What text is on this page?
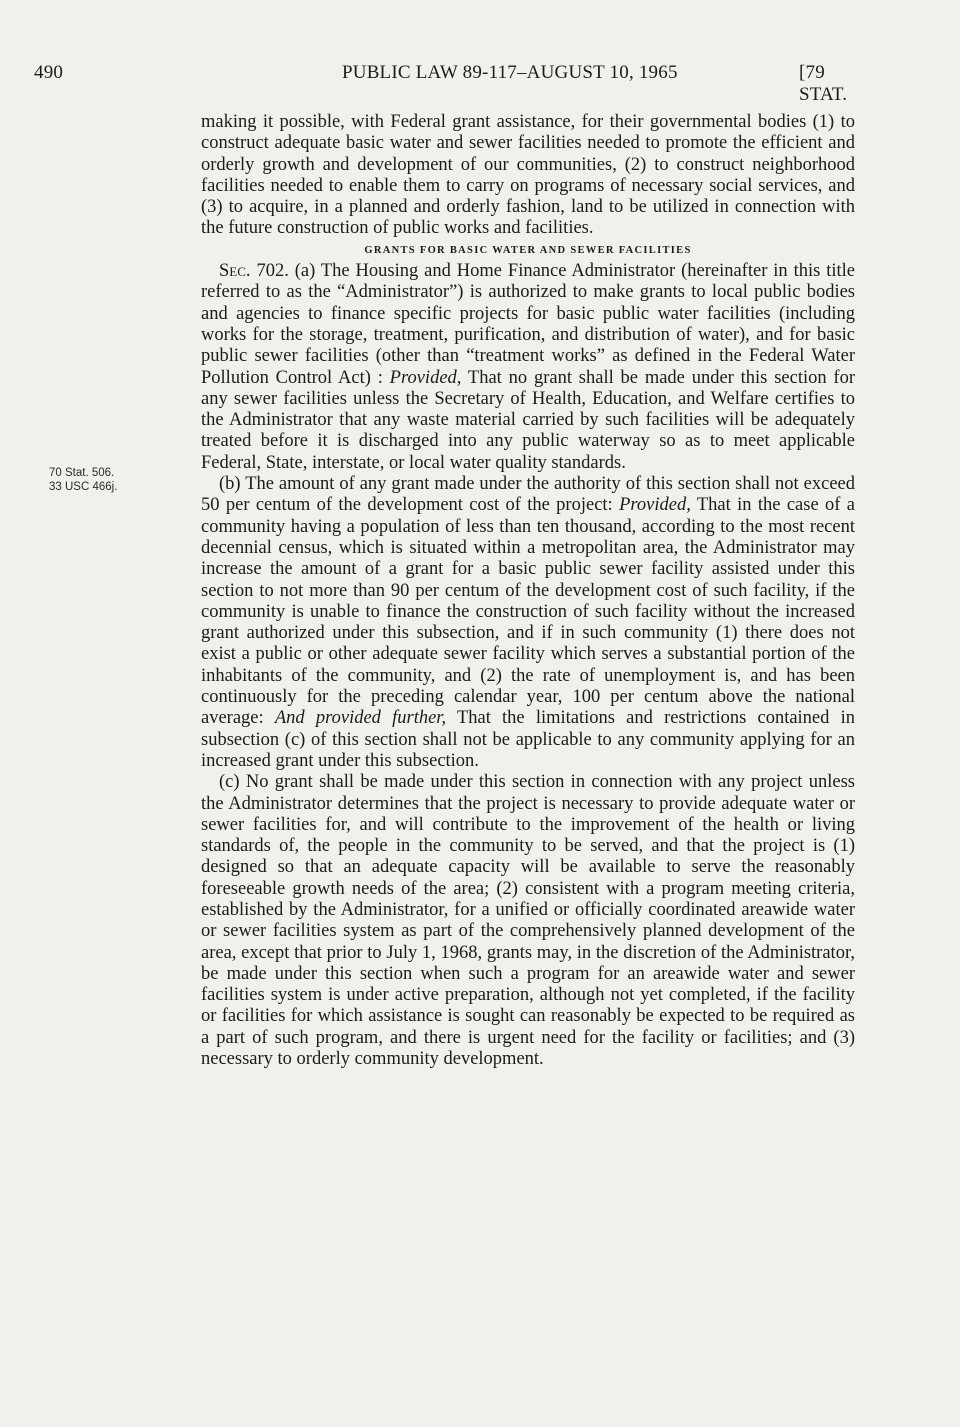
490	PUBLIC LAW 89-117–AUGUST 10, 1965	[79 STAT.
70 Stat. 506.
33 USC 466j.

making it possible, with Federal grant assistance, for their governmental bodies (1) to construct adequate basic water and sewer facilities needed to promote the efficient and orderly growth and development of our communities, (2) to construct neighborhood facilities needed to enable them to carry on programs of necessary social services, and (3) to acquire, in a planned and orderly fashion, land to be utilized in connection with the future construction of public works and facilities.

GRANTS FOR BASIC WATER AND SEWER FACILITIES

Sec. 702. (a) The Housing and Home Finance Administrator (hereinafter in this title referred to as the “Administrator”) is authorized to make grants to local public bodies and agencies to finance specific projects for basic public water facilities (including works for the storage, treatment, purification, and distribution of water), and for basic public sewer facilities (other than “treatment works” as defined in the Federal Water Pollution Control Act) : Provided, That no grant shall be made under this section for any sewer facilities unless the Secretary of Health, Education, and Welfare certifies to the Administrator that any waste material carried by such facilities will be adequately treated before it is discharged into any public waterway so as to meet applicable Federal, State, interstate, or local water quality standards.

(b) The amount of any grant made under the authority of this section shall not exceed 50 per centum of the development cost of the project: Provided, That in the case of a community having a population of less than ten thousand, according to the most recent decennial census, which is situated within a metropolitan area, the Administrator may increase the amount of a grant for a basic public sewer facility assisted under this section to not more than 90 per centum of the development cost of such facility, if the community is unable to finance the construction of such facility without the increased grant authorized under this subsection, and if in such community (1) there does not exist a public or other adequate sewer facility which serves a substantial portion of the inhabitants of the community, and (2) the rate of unemployment is, and has been continuously for the preceding calendar year, 100 per centum above the national average: And provided further, That the limitations and restrictions contained in subsection (c) of this section shall not be applicable to any community applying for an increased grant under this subsection.

(c) No grant shall be made under this section in connection with any project unless the Administrator determines that the project is necessary to provide adequate water or sewer facilities for, and will contribute to the improvement of the health or living standards of, the people in the community to be served, and that the project is (1) designed so that an adequate capacity will be available to serve the reasonably foreseeable growth needs of the area; (2) consistent with a program meeting criteria, established by the Administrator, for a unified or officially coordinated areawide water or sewer facilities system as part of the comprehensively planned development of the area, except that prior to July 1, 1968, grants may, in the discretion of the Administrator, be made under this section when such a program for an areawide water and sewer facilities system is under active preparation, although not yet completed, if the facility or facilities for which assistance is sought can reasonably be expected to be required as a part of such program, and there is urgent need for the facility or facilities; and (3) necessary to orderly community development.
